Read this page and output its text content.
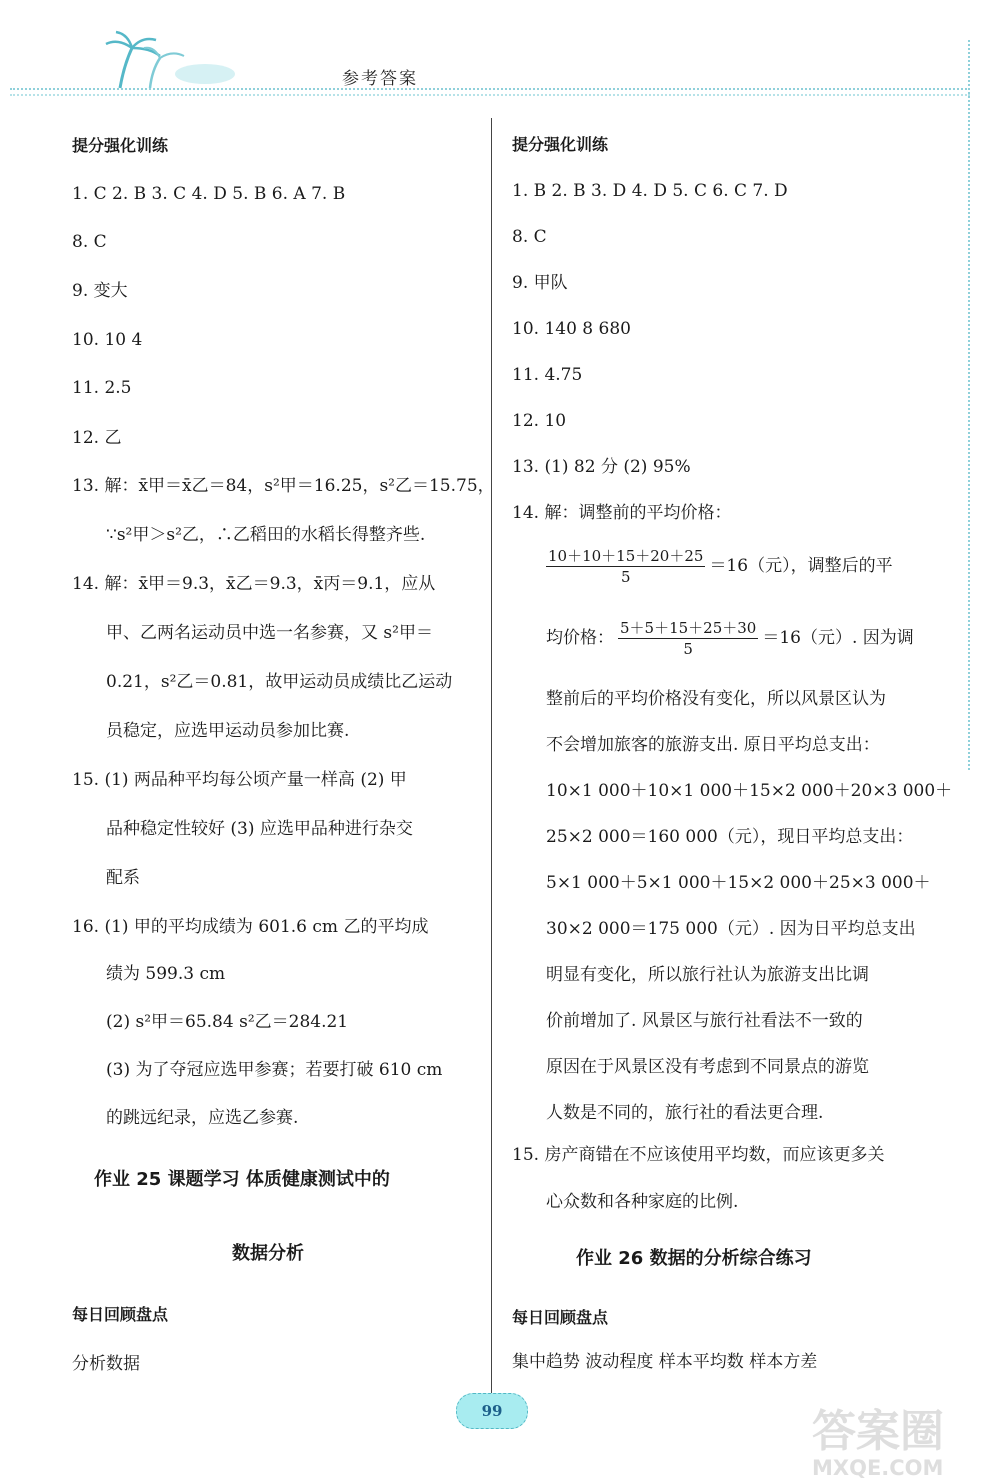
参考答案
提分强化训练
1. C 2. B 3. C 4. D 5. B 6. A 7. B
8. C
9. 变大
10. 10 4
11. 2.5
12. 乙
13. 解：x̄甲＝x̄乙＝84，s²甲＝16.25，s²乙＝15.75，
∵s²甲＞s²乙，∴乙稻田的水稻长得整齐些.
14. 解：x̄甲＝9.3，x̄乙＝9.3，x̄丙＝9.1，应从
甲、乙两名运动员中选一名参赛，又 s²甲＝
0.21，s²乙＝0.81，故甲运动员成绩比乙运动
员稳定，应选甲运动员参加比赛.
15. (1) 两品种平均每公顷产量一样高 (2) 甲
品种稳定性较好 (3) 应选甲品种进行杂交
配系
16. (1) 甲的平均成绩为 601.6 cm 乙的平均成
绩为 599.3 cm
(2) s²甲＝65.84 s²乙＝284.21
(3) 为了夺冠应选甲参赛；若要打破 610 cm
的跳远纪录，应选乙参赛.
作业 25 课题学习 体质健康测试中的
数据分析
每日回顾盘点
分析数据
提分强化训练
1. B 2. B 3. D 4. D 5. C 6. C 7. D
8. C
9. 甲队
10. 140 8 680
11. 4.75
12. 10
13. (1) 82 分 (2) 95%
14. 解：调整前的平均价格：
$\frac{10+10+15+20+25}{5} =16$（元），调整后的平
均价格： $\frac{5+5+15+25+30}{5} =16$（元）. 因为调
整前后的平均价格没有变化，所以风景区认为
不会增加旅客的旅游支出. 原日平均总支出：
10×1 000＋10×1 000＋15×2 000＋20×3 000＋
25×2 000＝160 000（元），现日平均总支出：
5×1 000＋5×1 000＋15×2 000＋25×3 000＋
30×2 000＝175 000（元）. 因为日平均总支出
明显有变化，所以旅行社认为旅游支出比调
价前增加了. 风景区与旅行社看法不一致的
原因在于风景区没有考虑到不同景点的游览
人数是不同的，旅行社的看法更合理.
15. 房产商错在不应该使用平均数，而应该更多关
心众数和各种家庭的比例.
作业 26 数据的分析综合练习
每日回顾盘点
集中趋势 波动程度 样本平均数 样本方差
99	答案圈
MXQE.COM
